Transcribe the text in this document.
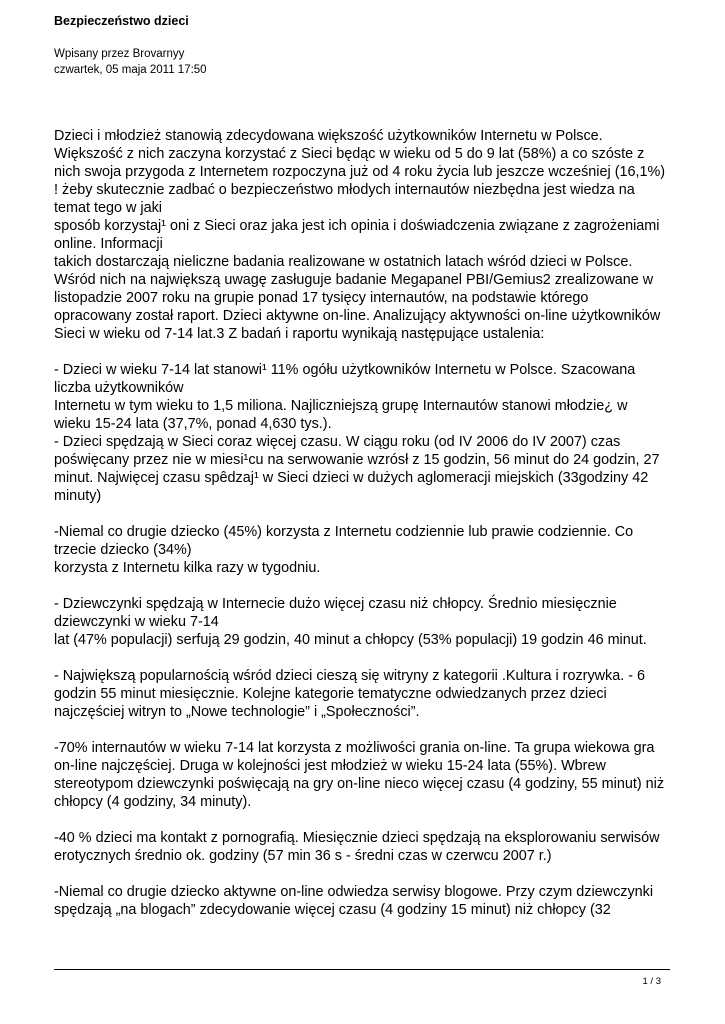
Bezpieczeństwo dzieci
Wpisany przez Brovarnyy
czwartek, 05 maja 2011 17:50

Dzieci i młodzież stanowią zdecydowana większość użytkowników Internetu w Polsce.
Większość z nich zaczyna korzystać z Sieci będąc w wieku od 5 do 9 lat (58%) a co szóste z
nich swoja przygoda z Internetem rozpoczyna już od 4 roku życia lub jeszcze wcześniej (16,1%)
! żeby skutecznie zadbać o bezpieczeństwo młodych internautów niezbędna jest wiedza na
temat tego w jaki
sposób korzystaj¹ oni z Sieci oraz jaka jest ich opinia i doświadczenia związane z zagrożeniami
online. Informacji
takich dostarczają nieliczne badania realizowane w ostatnich latach wśród dzieci w Polsce.
Wśród nich na największą uwagę zasługuje badanie Megapanel PBI/Gemius2 zrealizowane w
listopadzie 2007 roku na grupie ponad 17 tysięcy internautów, na podstawie którego
opracowany został raport. Dzieci aktywne on-line. Analizujący aktywności on-line użytkowników
Sieci w wieku od 7-14 lat.3 Z badań i raportu wynikają następujące ustalenia:

- Dzieci w wieku 7-14 lat stanowi¹ 11% ogółu użytkowników Internetu w Polsce. Szacowana
liczba użytkowników
Internetu w tym wieku to 1,5 miliona. Najliczniejszą grupę Internautów stanowi młodzie¿ w
wieku 15-24 lata (37,7%, ponad 4,630 tys.).
- Dzieci spędzają w Sieci coraz więcej czasu. W ciągu roku (od IV 2006 do IV 2007) czas
poświęcany przez nie w miesi¹cu na serwowanie wzrósł z 15 godzin, 56 minut do 24 godzin, 27
minut. Najwięcej czasu spêdzaj¹ w Sieci dzieci w dużych aglomeracji miejskich (33godziny 42
minuty)

-Niemal co drugie dziecko (45%) korzysta z Internetu codziennie lub prawie codziennie. Co
trzecie dziecko (34%)
korzysta z Internetu kilka razy w tygodniu.

- Dziewczynki spędzają w Internecie dużo więcej czasu niż chłopcy. Średnio miesięcznie
dziewczynki w wieku 7-14
lat (47% populacji) serfują 29 godzin, 40 minut a chłopcy (53% populacji) 19 godzin 46 minut.

- Największą popularnością wśród dzieci cieszą się witryny z kategorii .Kultura i rozrywka. - 6
godzin 55 minut miesięcznie. Kolejne kategorie tematyczne odwiedzanych przez dzieci
najczęściej witryn to „Nowe technologie” i „Społeczności”.

-70% internautów w wieku 7-14 lat korzysta z możliwości grania on-line. Ta grupa wiekowa gra
on-line najczęściej. Druga w kolejności jest młodzież w wieku 15-24 lata (55%). Wbrew
stereotypom dziewczynki poświęcają na gry on-line nieco więcej czasu (4 godziny, 55 minut) niż
chłopcy (4 godziny, 34 minuty).

-40 % dzieci ma kontakt z pornografią. Miesięcznie dzieci spędzają na eksplorowaniu serwisów
erotycznych średnio ok. godziny (57 min 36 s - średni czas w czerwcu 2007 r.)

-Niemal co drugie dziecko aktywne on-line odwiedza serwisy blogowe. Przy czym dziewczynki
spędzają „na blogach” zdecydowanie więcej czasu (4 godziny 15 minut) niż chłopcy (32

1 / 3
